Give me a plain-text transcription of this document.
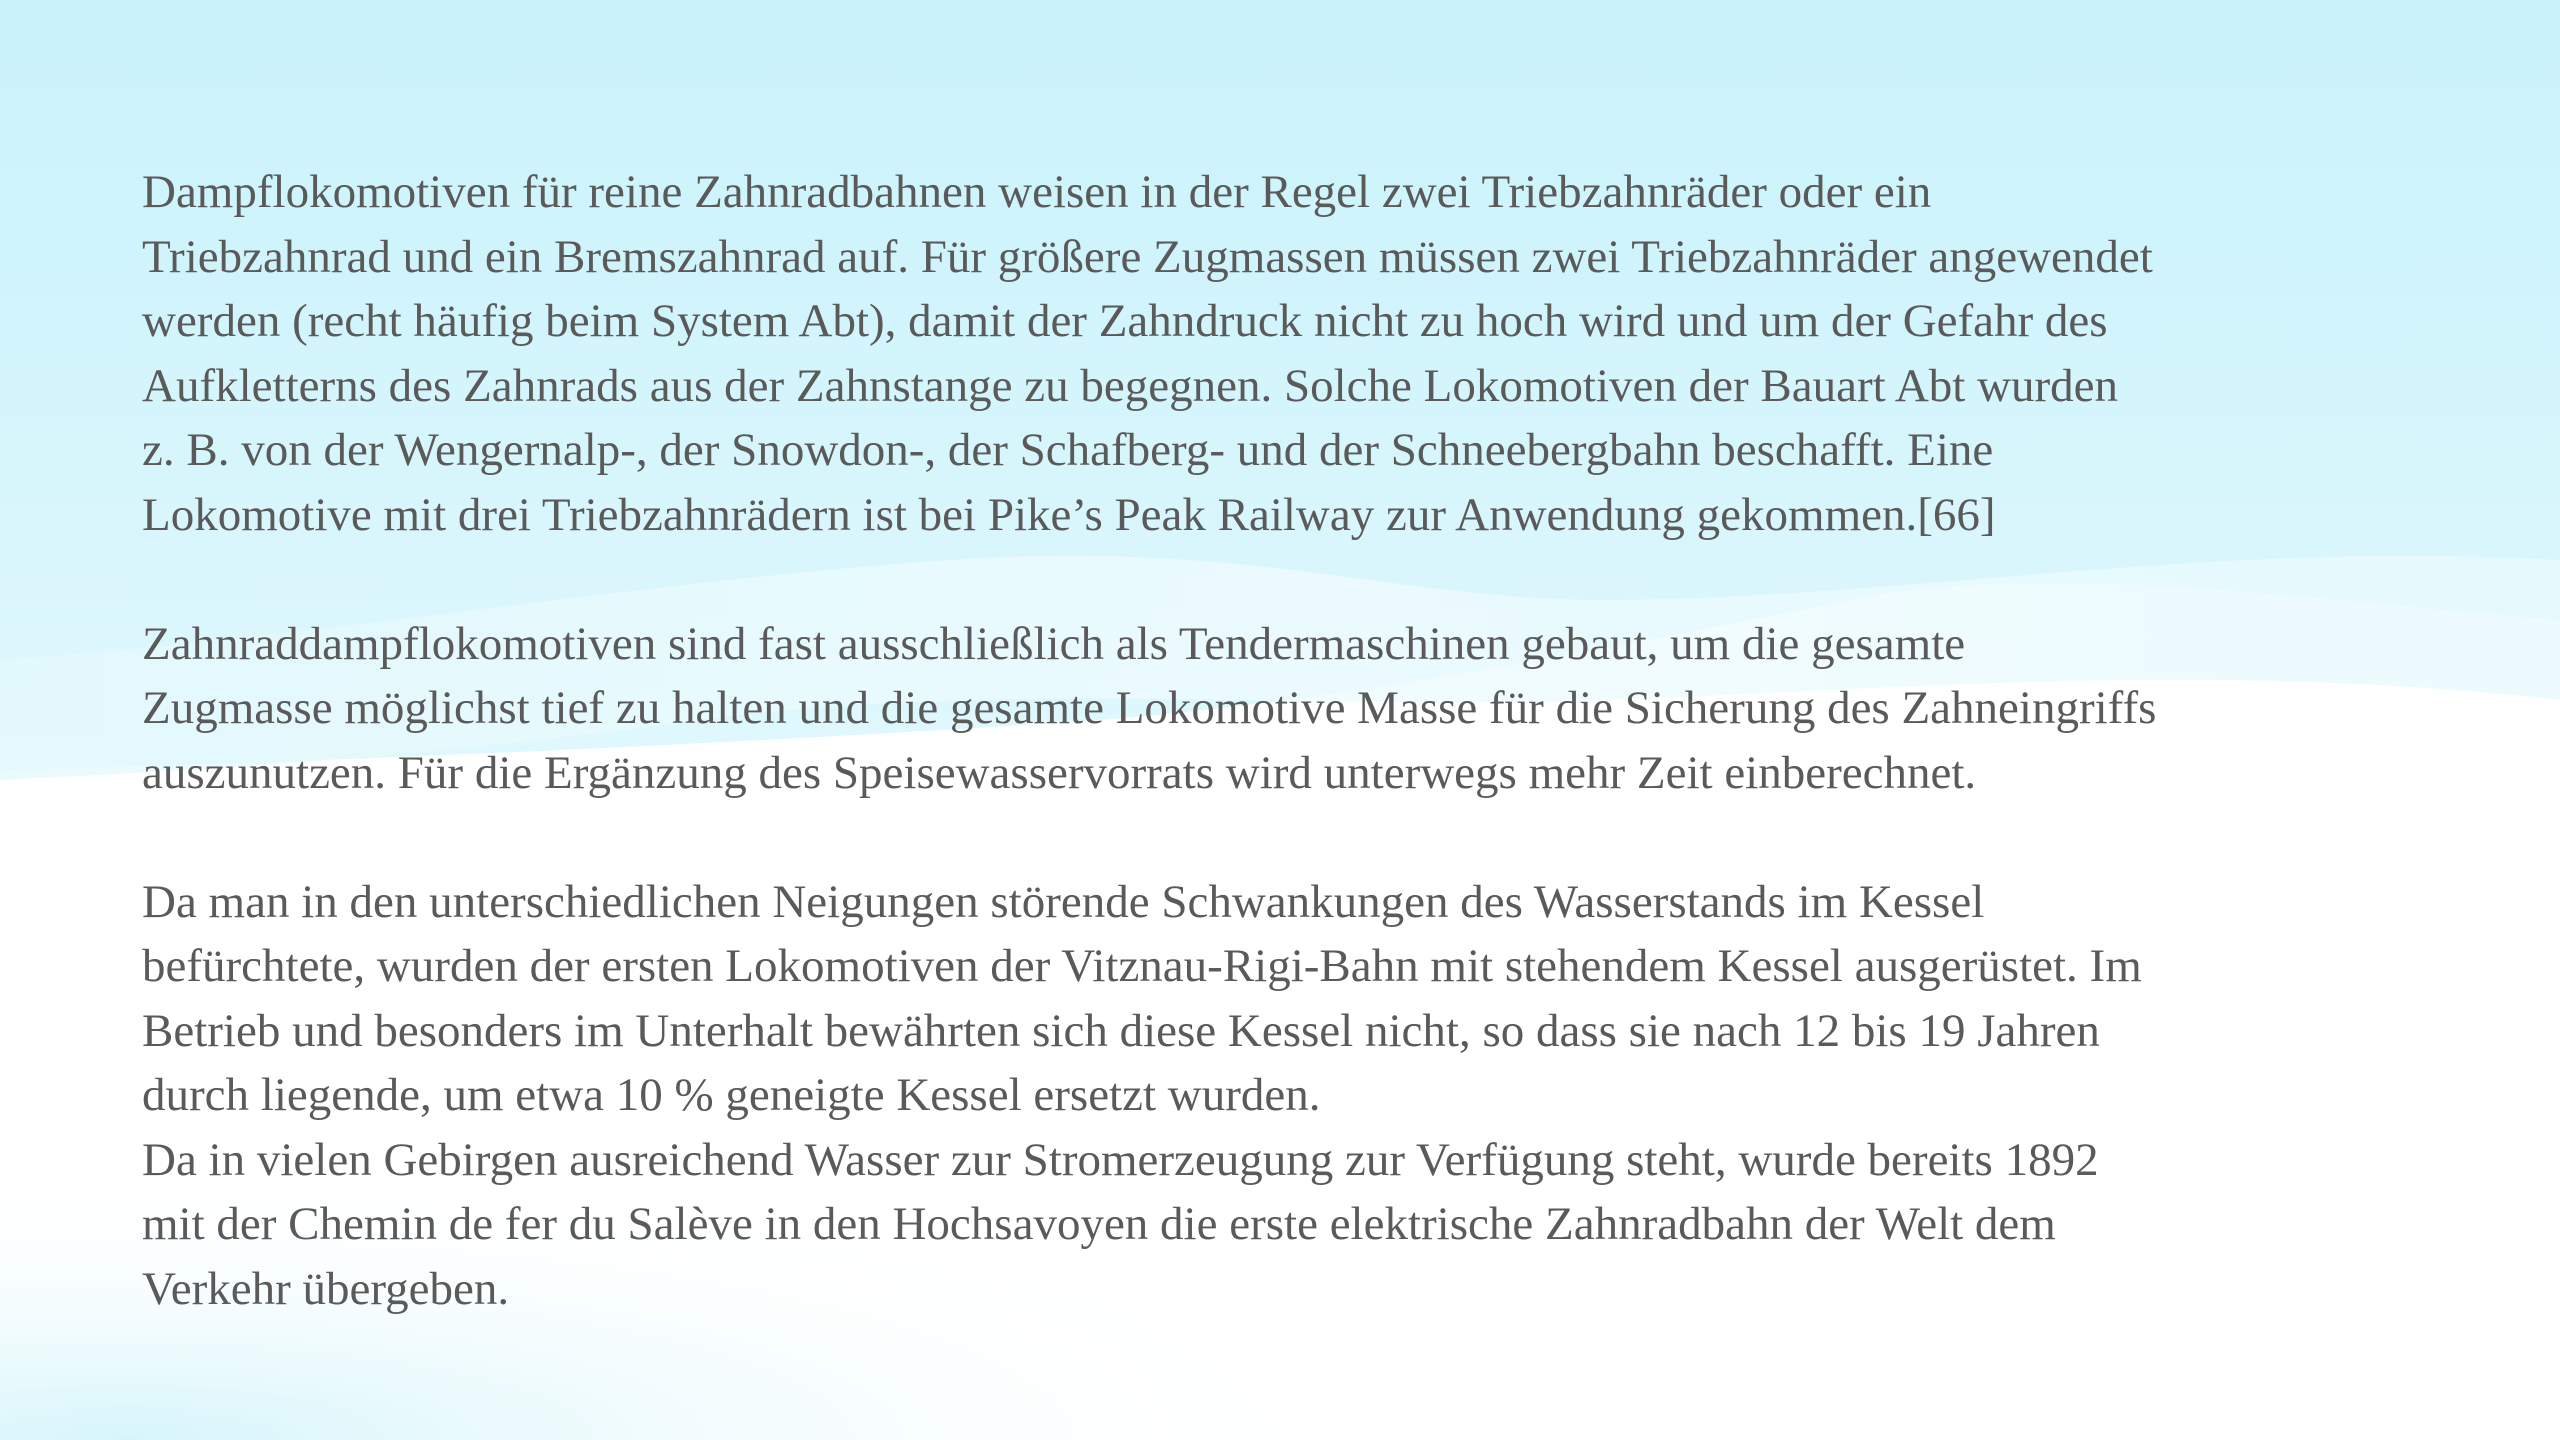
Dampflokomotiven für reine Zahnradbahnen weisen in der Regel zwei Triebzahnräder oder ein
Triebzahnrad und ein Bremszahnrad auf. Für größere Zugmassen müssen zwei Triebzahnräder angewendet
werden (recht häufig beim System Abt), damit der Zahndruck nicht zu hoch wird und um der Gefahr des
Aufkletterns des Zahnrads aus der Zahnstange zu begegnen. Solche Lokomotiven der Bauart Abt wurden
z. B. von der Wengernalp-, der Snowdon-, der Schafberg- und der Schneebergbahn beschafft. Eine
Lokomotive mit drei Triebzahnrädern ist bei Pike’s Peak Railway zur Anwendung gekommen.[66]

Zahnraddampflokomotiven sind fast ausschließlich als Tendermaschinen gebaut, um die gesamte
Zugmasse möglichst tief zu halten und die gesamte Lokomotive Masse für die Sicherung des Zahneingriffs
auszunutzen. Für die Ergänzung des Speisewasservorrats wird unterwegs mehr Zeit einberechnet.

Da man in den unterschiedlichen Neigungen störende Schwankungen des Wasserstands im Kessel
befürchtete, wurden der ersten Lokomotiven der Vitznau-Rigi-Bahn mit stehendem Kessel ausgerüstet. Im
Betrieb und besonders im Unterhalt bewährten sich diese Kessel nicht, so dass sie nach 12 bis 19 Jahren
durch liegende, um etwa 10 % geneigte Kessel ersetzt wurden.
Da in vielen Gebirgen ausreichend Wasser zur Stromerzeugung zur Verfügung steht, wurde bereits 1892
mit der Chemin de fer du Salève in den Hochsavoyen die erste elektrische Zahnradbahn der Welt dem
Verkehr übergeben.
